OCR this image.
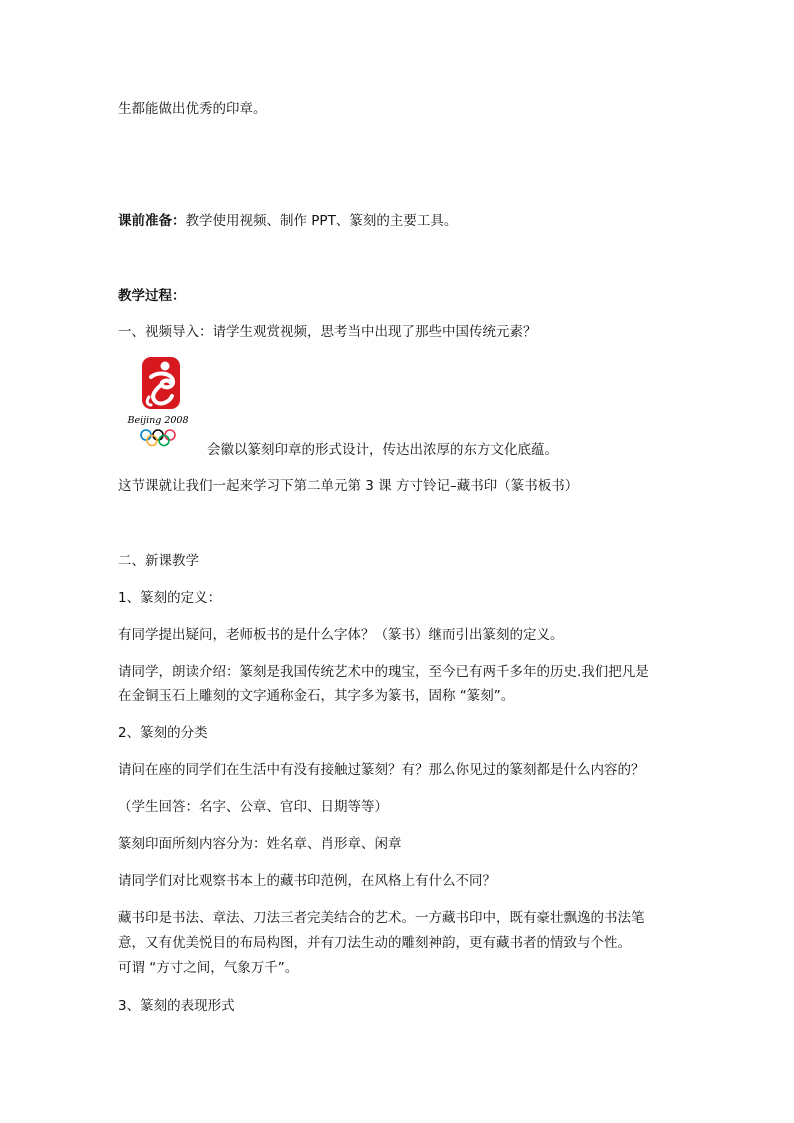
生都能做出优秀的印章。
课前准备：教学使用视频、制作 PPT、篆刻的主要工具。
教学过程：
一、视频导入：请学生观赏视频，思考当中出现了那些中国传统元素？
Beijing 2008
会徽以篆刻印章的形式设计，传达出浓厚的东方文化底蕴。
这节课就让我们一起来学习下第二单元第 3 课 方寸铃记–藏书印（篆书板书）
二、新课教学
1、篆刻的定义：
有同学提出疑问，老师板书的是什么字体？（篆书）继而引出篆刻的定义。
请同学，朗读介绍：篆刻是我国传统艺术中的瑰宝，至今已有两千多年的历史.我们把凡是
在金铜玉石上雕刻的文字通称金石，其字多为篆书，固称 “篆刻”。
2、篆刻的分类
请问在座的同学们在生活中有没有接触过篆刻？有？那么你见过的篆刻都是什么内容的？
（学生回答：名字、公章、官印、日期等等）
篆刻印面所刻内容分为：姓名章、肖形章、闲章
请同学们对比观察书本上的藏书印范例，在风格上有什么不同？
藏书印是书法、章法、刀法三者完美结合的艺术。一方藏书印中，既有豪壮飘逸的书法笔
意，又有优美悦目的布局构图，并有刀法生动的雕刻神韵，更有藏书者的情致与个性。
可谓 “方寸之间，气象万千”。
3、篆刻的表现形式
